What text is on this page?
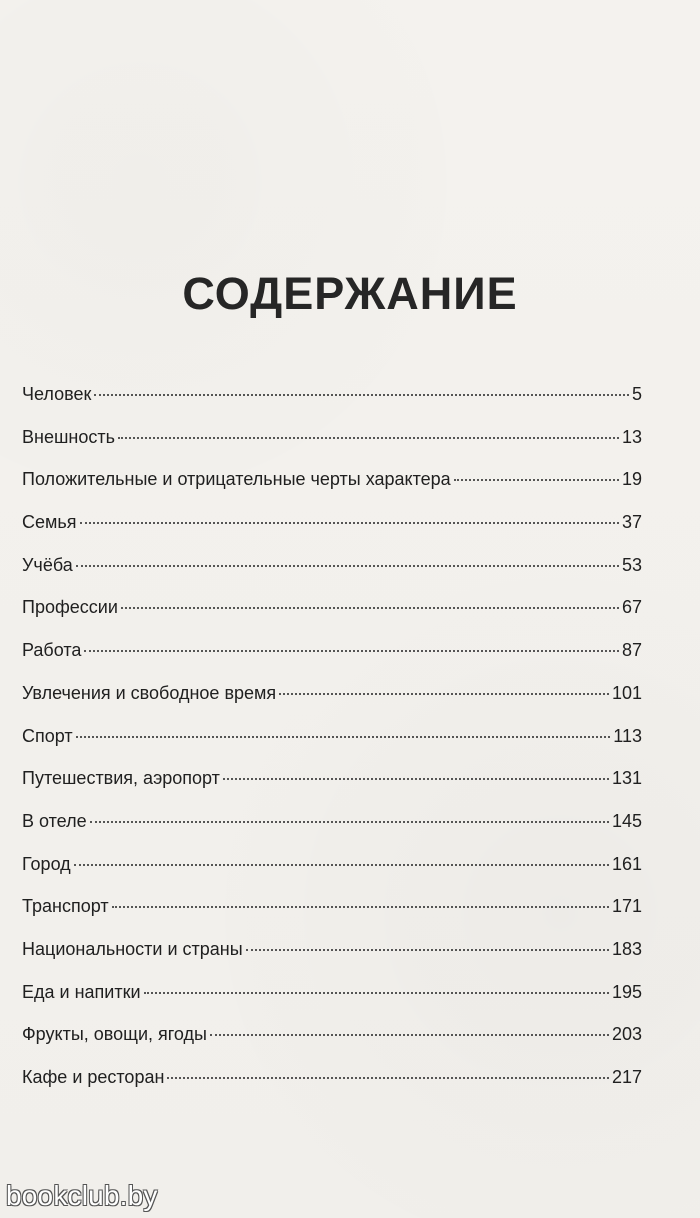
СОДЕРЖАНИЕ
Человек	5
Внешность	13
Положительные и отрицательные черты характера	19
Семья	37
Учёба	53
Профессии	67
Работа	87
Увлечения и свободное время	101
Спорт	113
Путешествия, аэропорт	131
В отеле	145
Город	161
Транспорт	171
Национальности и страны	183
Еда и напитки	195
Фрукты, овощи, ягоды	203
Кафе и ресторан	217
bookclub.by
